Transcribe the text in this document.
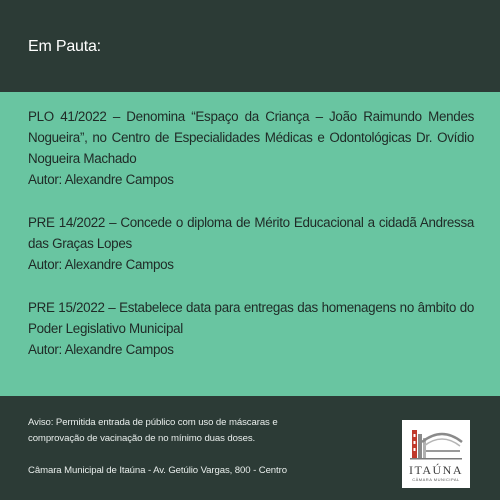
Em Pauta:
PLO 41/2022 – Denomina “Espaço da Criança – João Raimundo Mendes Nogueira”, no Centro de Especialidades Médicas e Odontológicas Dr. Ovídio Nogueira Machado
Autor: Alexandre Campos
PRE 14/2022 – Concede o diploma de Mérito Educacional a cidadã Andressa das Graças Lopes
Autor: Alexandre Campos
PRE 15/2022 – Estabelece data para entregas das homenagens no âmbito do Poder Legislativo Municipal
Autor: Alexandre Campos
Aviso: Permitida entrada de público com uso de máscaras e
comprovação de vacinação de no mínimo duas doses.
Câmara Municipal de Itaúna - Av. Getúlio Vargas, 800 - Centro	ITAÚNA
CÂMARA MUNICIPAL
